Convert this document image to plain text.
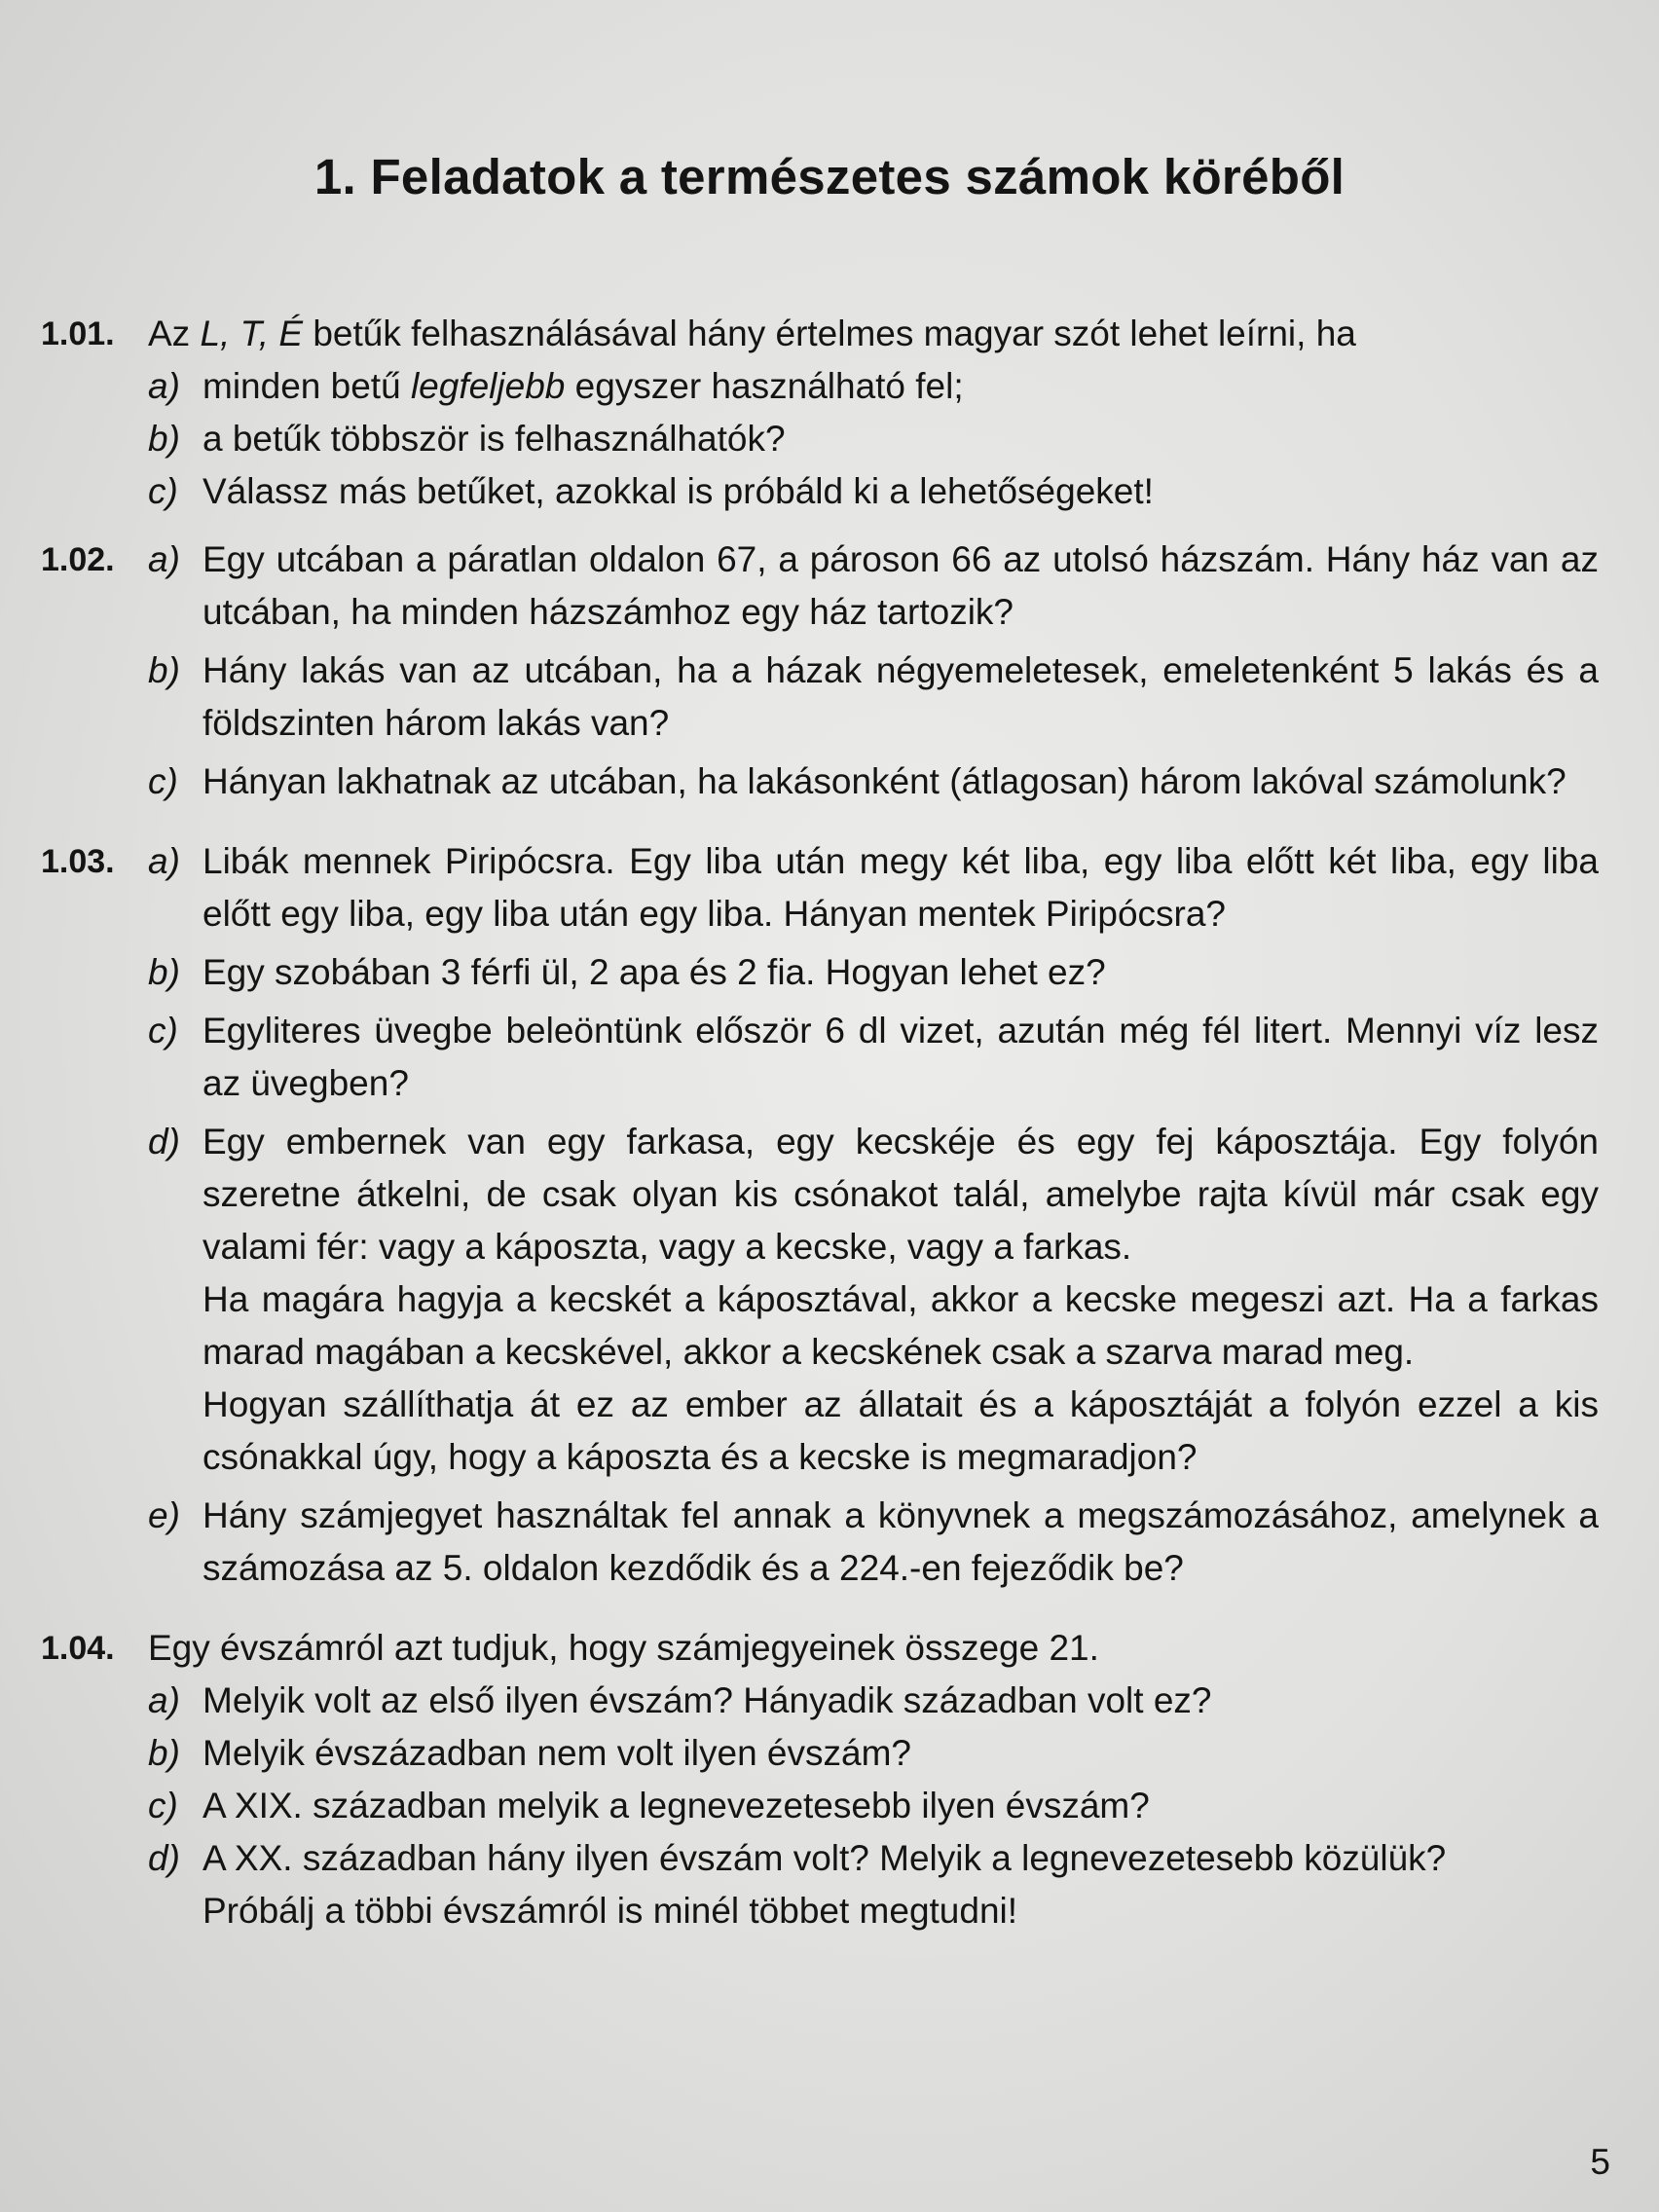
1. Feladatok a természetes számok köréből
1.01. Az L, T, É betűk felhasználásával hány értelmes magyar szót lehet leírni, ha
a) minden betű legfeljebb egyszer használható fel;
b) a betűk többször is felhasználhatók?
c) Válassz más betűket, azokkal is próbáld ki a lehetőségeket!
1.02. a) Egy utcában a páratlan oldalon 67, a pároson 66 az utolsó házszám. Hány ház van az utcában, ha minden házszámhoz egy ház tartozik?
b) Hány lakás van az utcában, ha a házak négyemeletesek, emeletenként 5 lakás és a földszinten három lakás van?
c) Hányan lakhatnak az utcában, ha lakásonként (átlagosan) három lakóval számolunk?
1.03. a) Libák mennek Piripócsra. Egy liba után megy két liba, egy liba előtt két liba, egy liba előtt egy liba, egy liba után egy liba. Hányan mentek Piripócsra?
b) Egy szobában 3 férfi ül, 2 apa és 2 fia. Hogyan lehet ez?
c) Egyliteres üvegbe beleöntünk először 6 dl vizet, azután még fél litert. Mennyi víz lesz az üvegben?
d) Egy embernek van egy farkasa, egy kecskéje és egy fej káposztája. Egy folyón szeretne átkelni, de csak olyan kis csónakot talál, amelybe rajta kívül már csak egy valami fér: vagy a káposzta, vagy a kecske, vagy a farkas.
Ha magára hagyja a kecskét a káposztával, akkor a kecske megeszi azt. Ha a farkas marad magában a kecskével, akkor a kecskének csak a szarva marad meg.
Hogyan szállíthatja át ez az ember az állatait és a káposztáját a folyón ezzel a kis csónakkal úgy, hogy a káposzta és a kecske is megmaradjon?
e) Hány számjegyet használtak fel annak a könyvnek a megszámozásához, amelynek a számozása az 5. oldalon kezdődik és a 224.-en fejeződik be?
1.04. Egy évszámról azt tudjuk, hogy számjegyeinek összege 21.
a) Melyik volt az első ilyen évszám? Hányadik században volt ez?
b) Melyik évszázadban nem volt ilyen évszám?
c) A XIX. században melyik a legnevezetesebb ilyen évszám?
d) A XX. században hány ilyen évszám volt? Melyik a legnevezetesebb közülük?
Próbálj a többi évszámról is minél többet megtudni!
5
